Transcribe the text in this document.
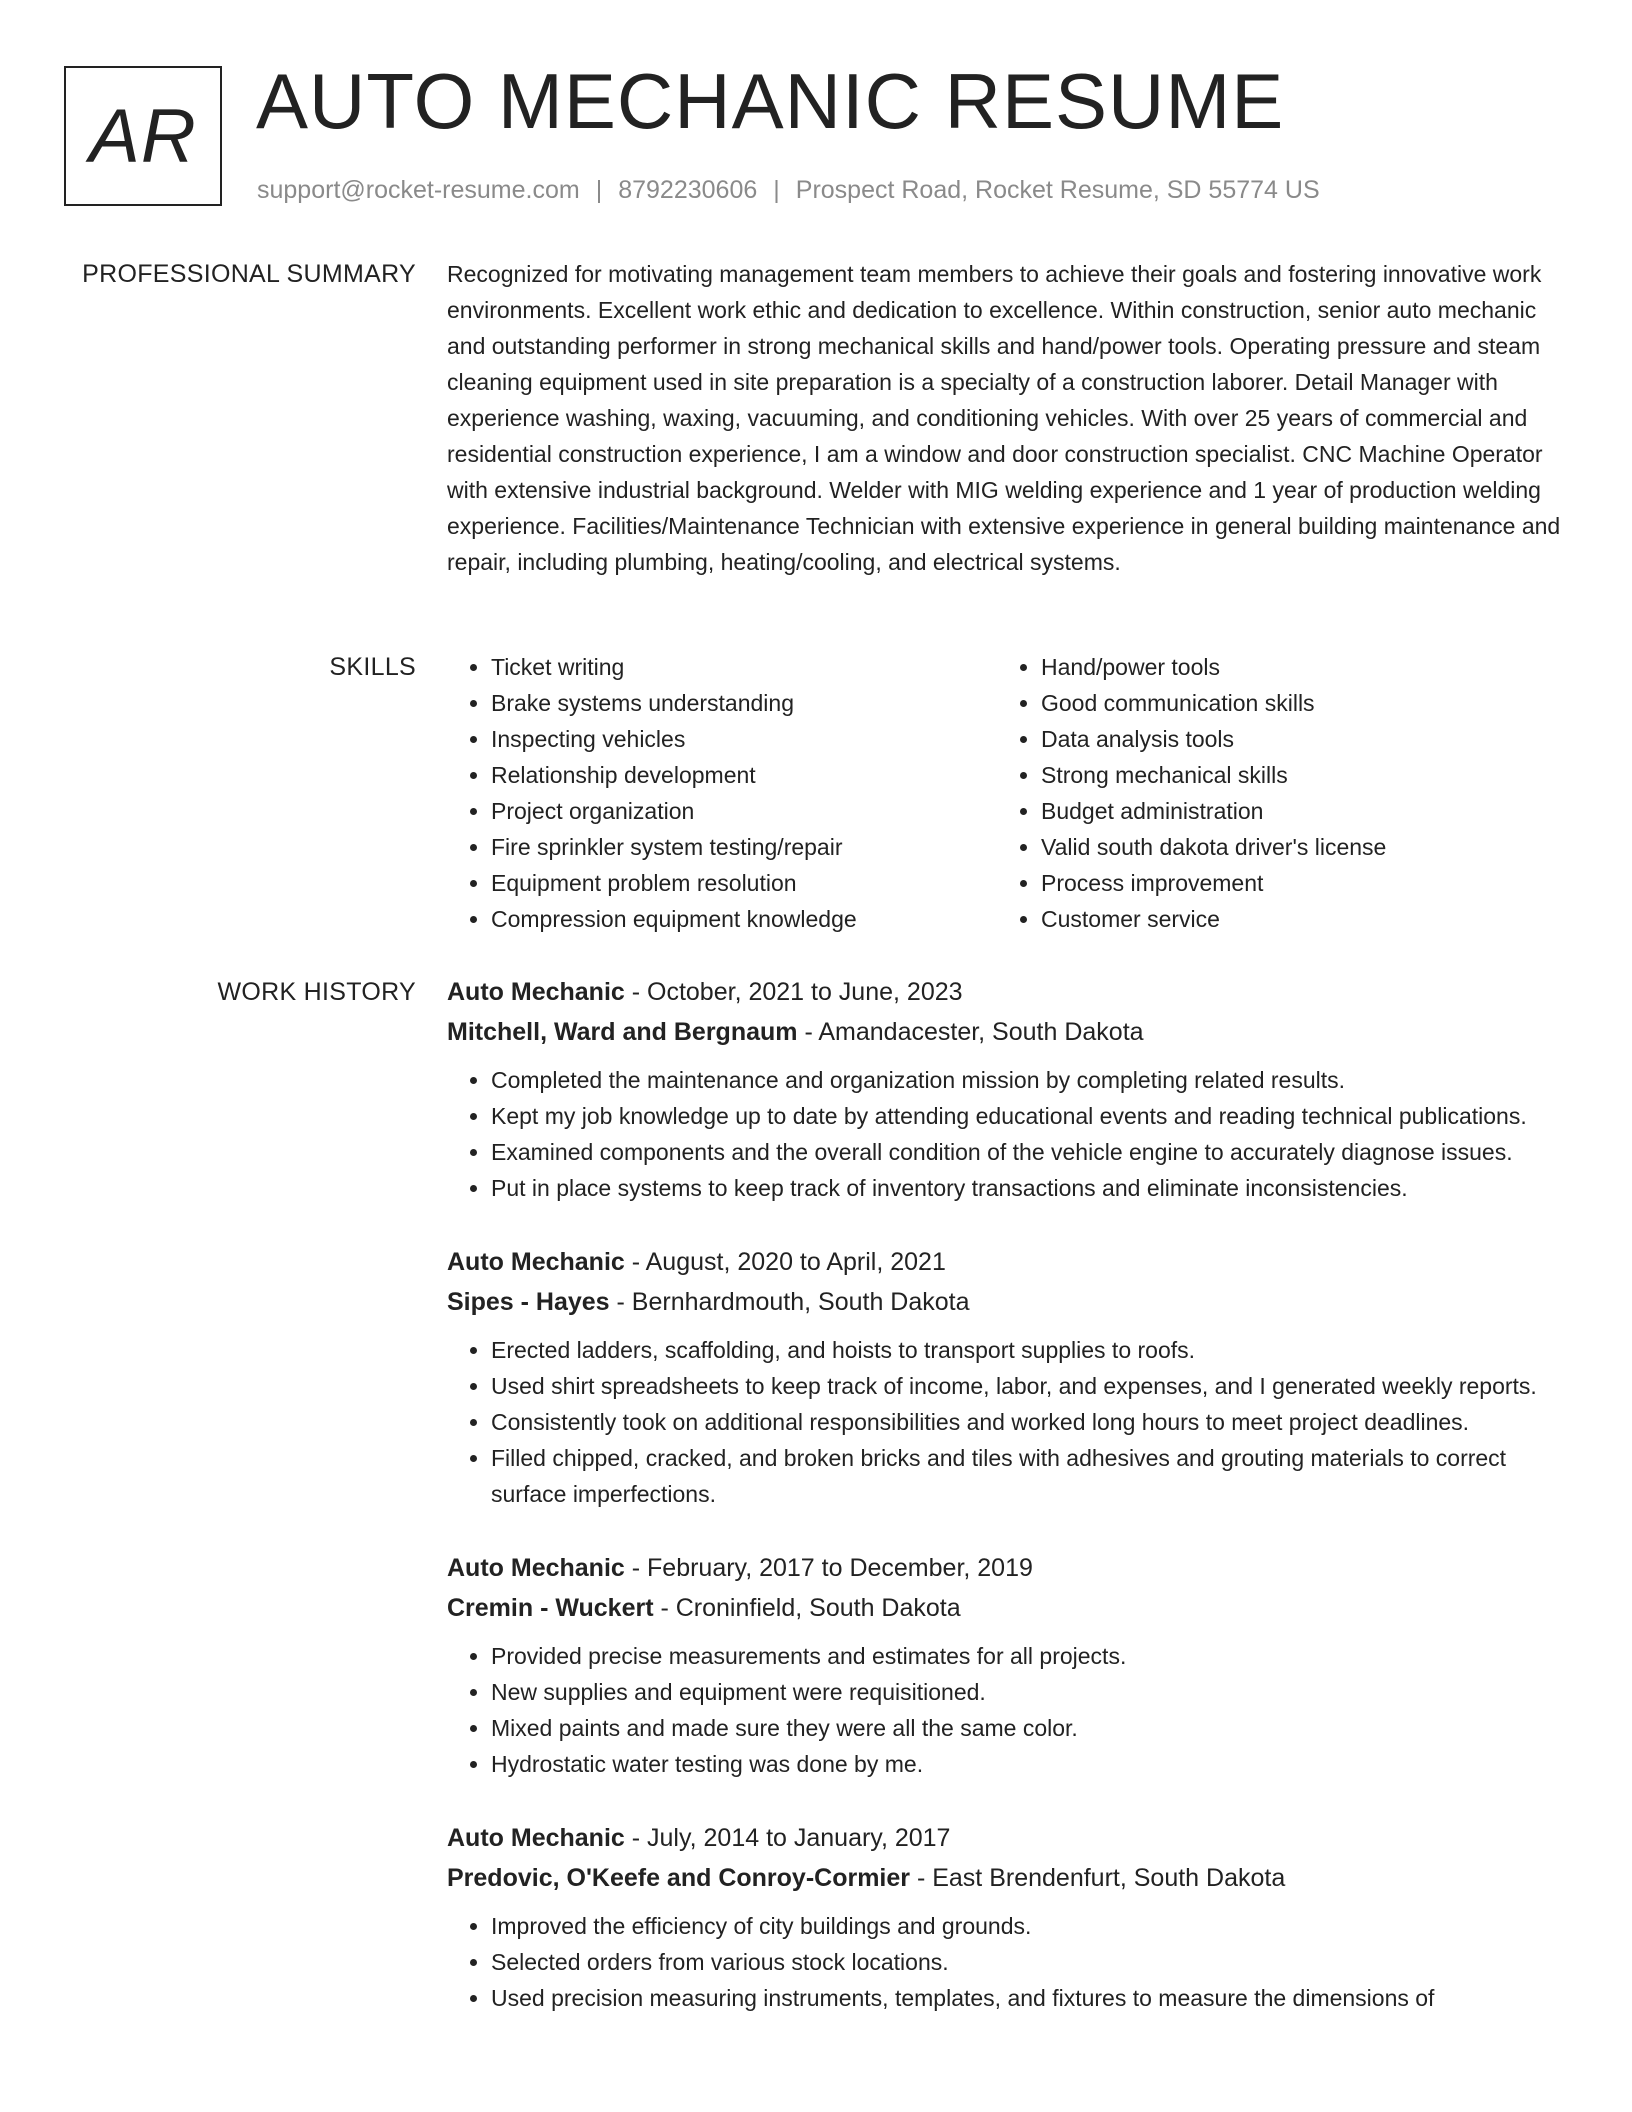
AR AUTO MECHANIC RESUME
support@rocket-resume.com | 8792230606 | Prospect Road, Rocket Resume, SD 55774 US
PROFESSIONAL SUMMARY Recognized for motivating management team members to achieve their goals and fostering innovative work environments. Excellent work ethic and dedication to excellence. Within construction, senior auto mechanic and outstanding performer in strong mechanical skills and hand/power tools. Operating pressure and steam cleaning equipment used in site preparation is a specialty of a construction laborer. Detail Manager with experience washing, waxing, vacuuming, and conditioning vehicles. With over 25 years of commercial and residential construction experience, I am a window and door construction specialist. CNC Machine Operator with extensive industrial background. Welder with MIG welding experience and 1 year of production welding experience. Facilities/Maintenance Technician with extensive experience in general building maintenance and repair, including plumbing, heating/cooling, and electrical systems.

SKILLS
•	Ticket writing
• Brake systems understanding
• Inspecting vehicles
• Relationship development
• Project organization
• Fire sprinkler system testing/repair
• Equipment problem resolution
• Compression equipment knowledge
• Hand/power tools
• Good communication skills
• Data analysis tools
• Strong mechanical skills
• Budget administration
• Valid south dakota driver's license
• Process improvement
• Customer service
WORK HISTORY Auto Mechanic - October, 2021 to June, 2023
Mitchell, Ward and Bergnaum - Amandacester, South Dakota
• Completed the maintenance and organization mission by completing related results.
• Kept my job knowledge up to date by attending educational events and reading technical publications.
• Examined components and the overall condition of the vehicle engine to accurately diagnose issues.
• Put in place systems to keep track of inventory transactions and eliminate inconsistencies.
Auto Mechanic - August, 2020 to April, 2021
Sipes - Hayes - Bernhardmouth, South Dakota
• Erected ladders, scaffolding, and hoists to transport supplies to roofs.
• Used shirt spreadsheets to keep track of income, labor, and expenses, and I generated weekly reports.
• Consistently took on additional responsibilities and worked long hours to meet project deadlines.
• Filled chipped, cracked, and broken bricks and tiles with adhesives and grouting materials to correct surface imperfections.
Auto Mechanic - February, 2017 to December, 2019
Cremin - Wuckert - Croninfield, South Dakota
• Provided precise measurements and estimates for all projects.
• New supplies and equipment were requisitioned.
• Mixed paints and made sure they were all the same color.
• Hydrostatic water testing was done by me.
Auto Mechanic - July, 2014 to January, 2017
Predovic, O'Keefe and Conroy-Cormier - East Brendenfurt, South Dakota
• Improved the efficiency of city buildings and grounds.
• Selected orders from various stock locations.
• Used precision measuring instruments, templates, and fixtures to measure the dimensions of
